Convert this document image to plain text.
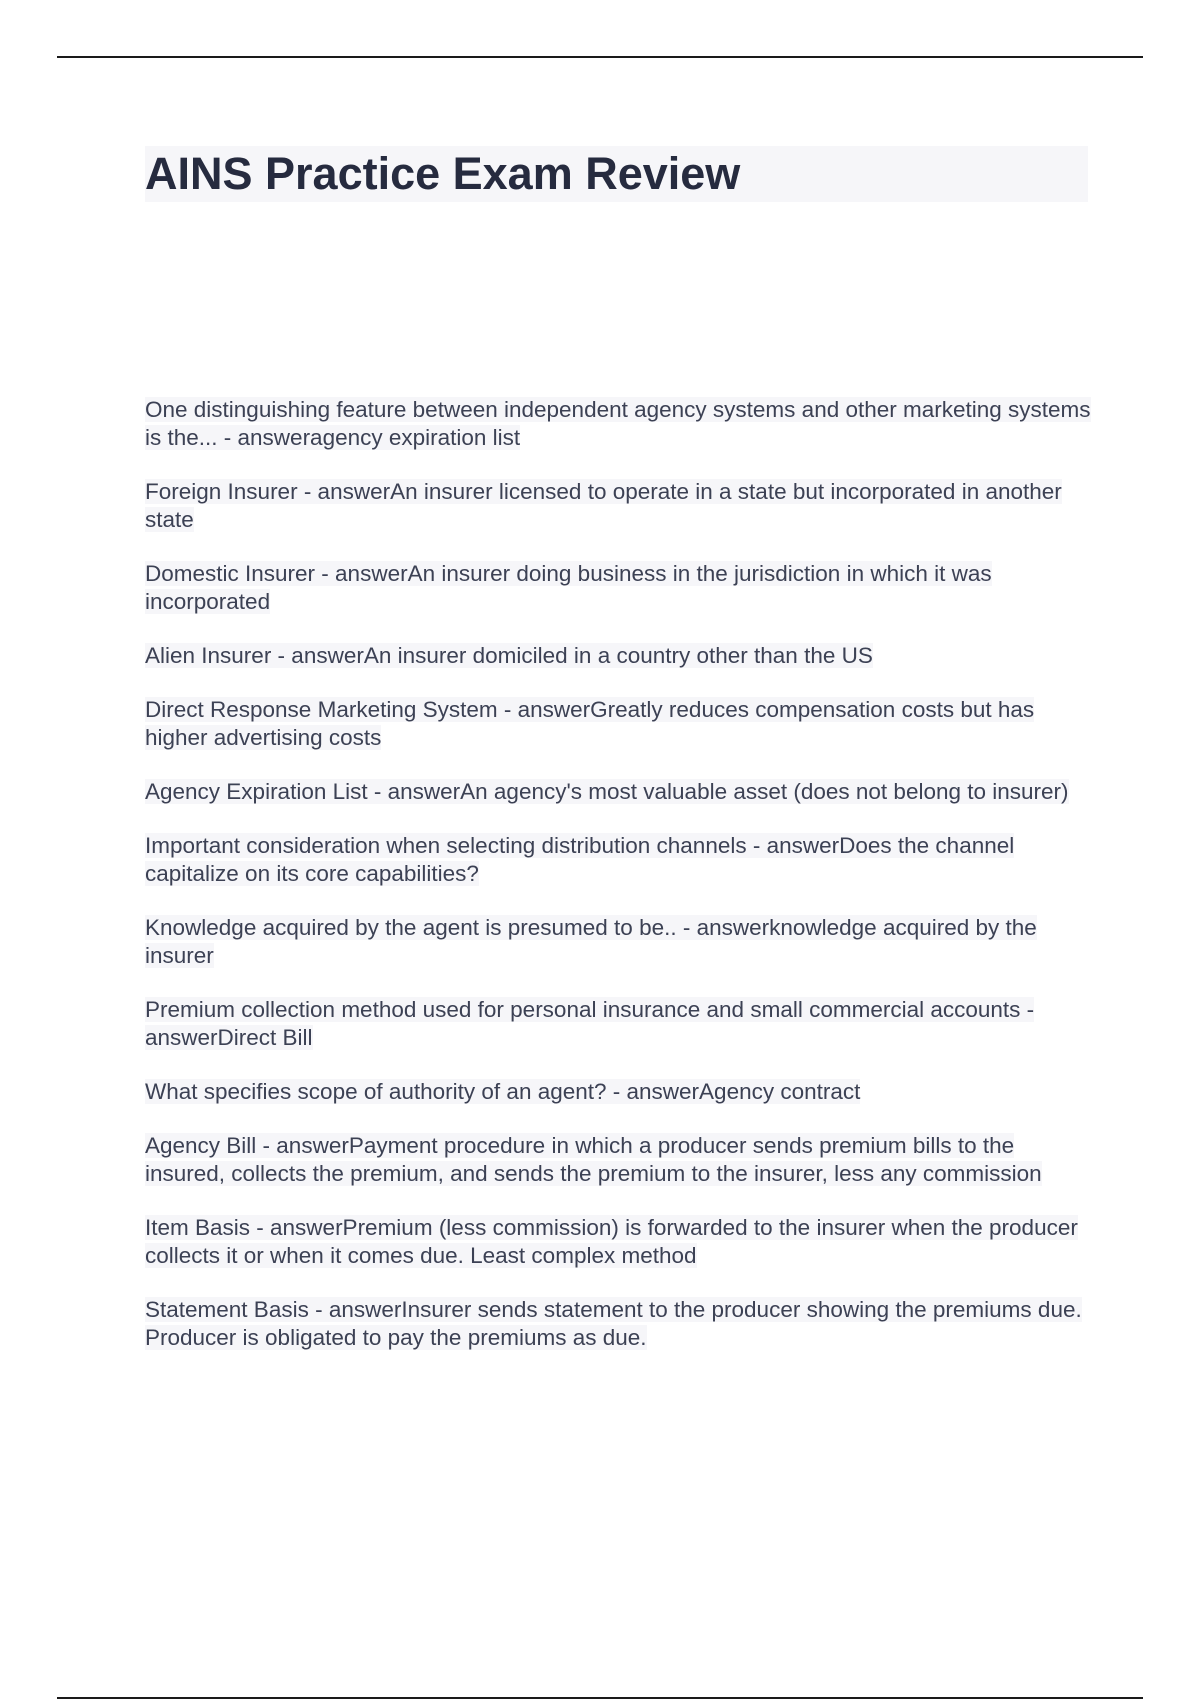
AINS Practice Exam Review
One distinguishing feature between independent agency systems and other marketing systems is the... - answeragency expiration list
Foreign Insurer - answerAn insurer licensed to operate in a state but incorporated in another state
Domestic Insurer - answerAn insurer doing business in the jurisdiction in which it was incorporated
Alien Insurer - answerAn insurer domiciled in a country other than the US
Direct Response Marketing System - answerGreatly reduces compensation costs but has higher advertising costs
Agency Expiration List - answerAn agency's most valuable asset (does not belong to insurer)
Important consideration when selecting distribution channels - answerDoes the channel capitalize on its core capabilities?
Knowledge acquired by the agent is presumed to be.. - answerknowledge acquired by the insurer
Premium collection method used for personal insurance and small commercial accounts - answerDirect Bill
What specifies scope of authority of an agent? - answerAgency contract
Agency Bill - answerPayment procedure in which a producer sends premium bills to the insured, collects the premium, and sends the premium to the insurer, less any commission
Item Basis - answerPremium (less commission) is forwarded to the insurer when the producer collects it or when it comes due. Least complex method
Statement Basis - answerInsurer sends statement to the producer showing the premiums due. Producer is obligated to pay the premiums as due.
